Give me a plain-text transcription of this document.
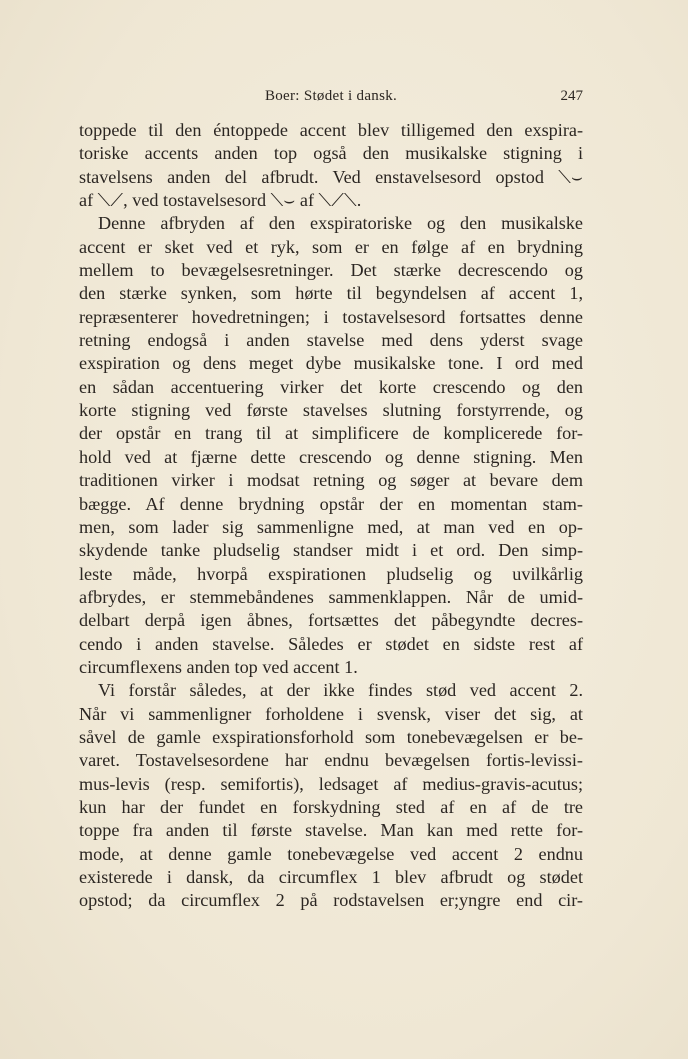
Boer: Stødet i dansk.	247
toppede til den éntoppede accent blev tilligemed den exspira-
toriske accents anden top også den musikalske stigning i
stavelsens anden del afbrudt. Ved enstavelsesord opstod ⟍⌣
af ⟍⟋, ved tostavelsesord ⟍⌣ af ⟍⟋⟍.
Denne afbryden af den exspiratoriske og den musikalske
accent er sket ved et ryk, som er en følge af en brydning
mellem to bevægelsesretninger. Det stærke decrescendo og
den stærke synken, som hørte til begyndelsen af accent 1,
repræsenterer hovedretningen; i tostavelsesord fortsattes denne
retning endogså i anden stavelse med dens yderst svage
exspiration og dens meget dybe musikalske tone. I ord med
en sådan accentuering virker det korte crescendo og den
korte stigning ved første stavelses slutning forstyrrende, og
der opstår en trang til at simplificere de komplicerede for-
hold ved at fjærne dette crescendo og denne stigning. Men
traditionen virker i modsat retning og søger at bevare dem
bægge. Af denne brydning opstår der en momentan stam-
men, som lader sig sammenligne med, at man ved en op-
skydende tanke pludselig standser midt i et ord. Den simp-
leste måde, hvorpå exspirationen pludselig og uvilkårlig
afbrydes, er stemmebåndenes sammenklappen. Når de umid-
delbart derpå igen åbnes, fortsættes det påbegyndte decres-
cendo i anden stavelse. Således er stødet en sidste rest af
circumflexens anden top ved accent 1.
Vi forstår således, at der ikke findes stød ved accent 2.
Når vi sammenligner forholdene i svensk, viser det sig, at
såvel de gamle exspirationsforhold som tonebevægelsen er be-
varet. Tostavelsesordene har endnu bevægelsen fortis-levissi-
mus-levis (resp. semifortis), ledsaget af medius-gravis-acutus;
kun har der fundet en forskydning sted af en af de tre
toppe fra anden til første stavelse. Man kan med rette for-
mode, at denne gamle tonebevægelse ved accent 2 endnu
existerede i dansk, da circumflex 1 blev afbrudt og stødet
opstod; da circumflex 2 på rodstavelsen er;yngre end cir-
